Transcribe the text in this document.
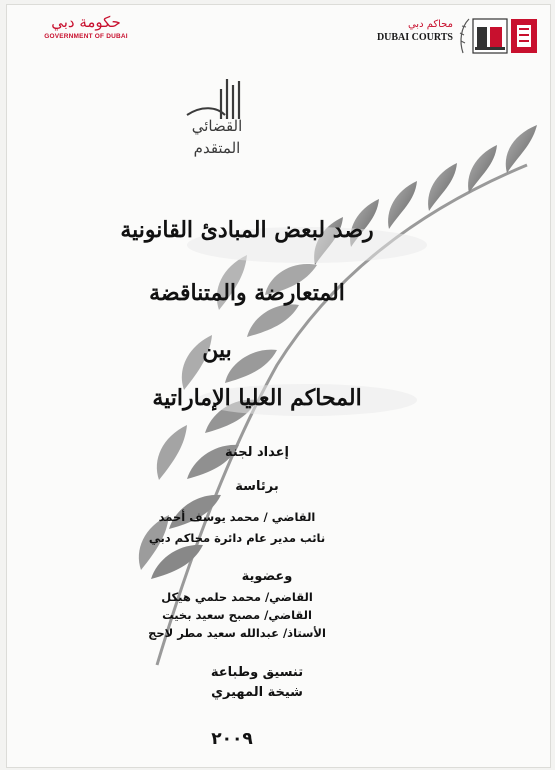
حكومة دبي
GOVERNMENT OF DUBAI
محاكم دبي
DUBAI COURTS
القضائي
المتقدم
رصد لبعض المبادئ القانونية
المتعارضة والمتناقضة
بين
المحاكم العليا الإماراتية
إعداد لجنة
برئاسة
القاضي / محمد يوسف أحمد
نائب مدير عام دائرة محاكم دبي
وعضوية
القاضي/ محمد حلمي هيكل
القاضي/ مصبح سعيد بخيت
الأستاذ/ عبدالله سعيد مطر لاحج
تنسيق وطباعة
شيخة المهيري
٢٠٠٩
